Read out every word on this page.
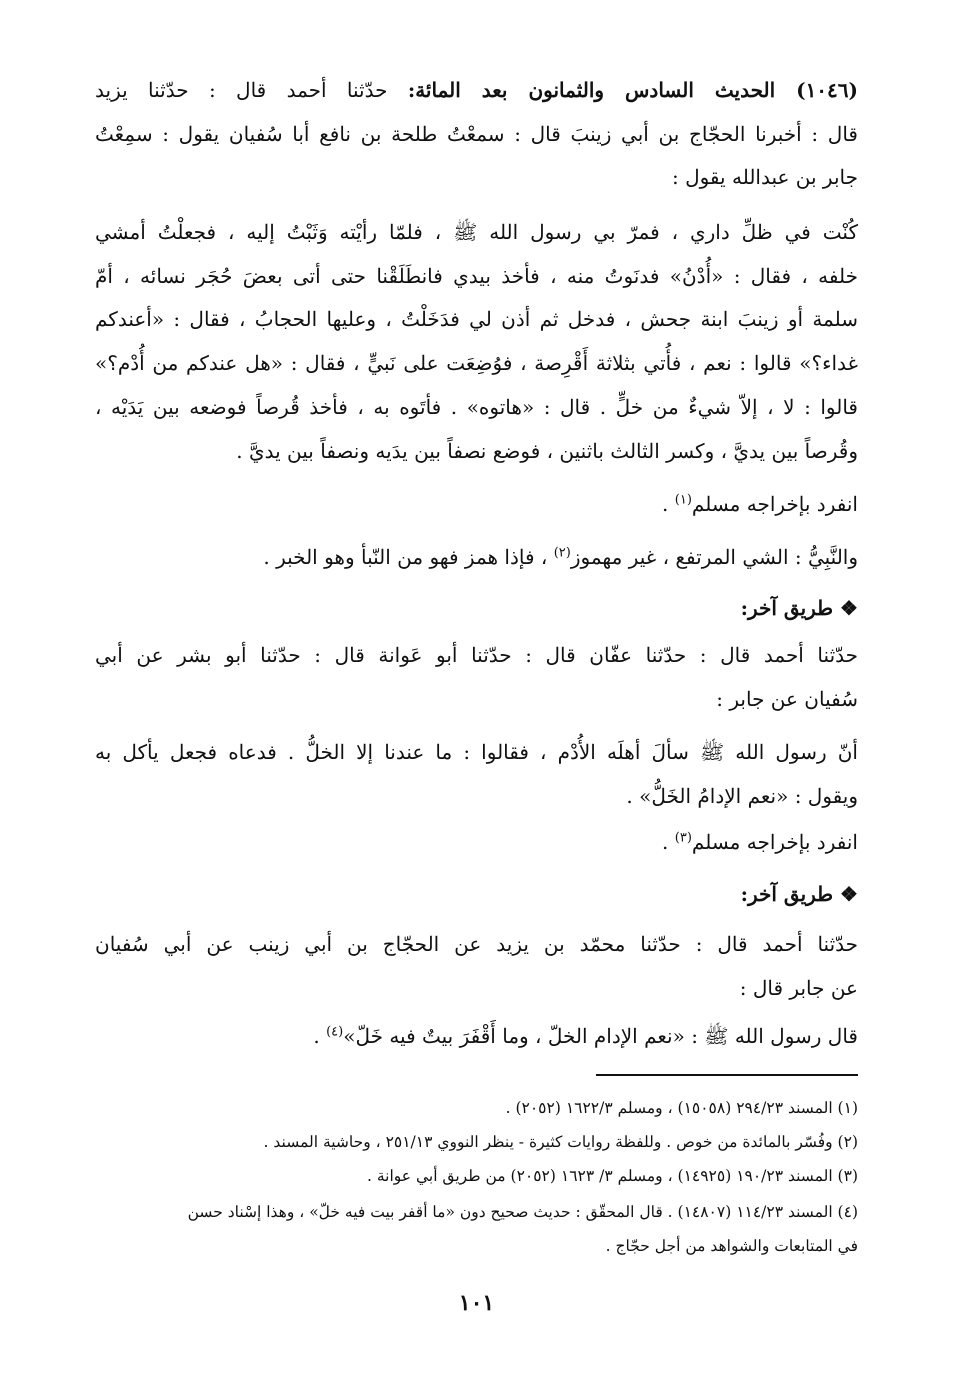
(١٠٤٦) الحديث السادس والثمانون بعد المائة: حدّثنا أحمد قال : حدّثنا يزيد
قال : أخبرنا الحجّاج بن أبي زينبَ قال : سمعْتُ طلحة بن نافع أبا سُفيان يقول : سمِعْتُ
جابر بن عبدالله يقول :
كُنْت في ظلِّ داري ، فمرّ بي رسول الله ﷺ ، فلمّا رأيْته وَثَبْتُ إليه ، فجعلْتُ أمشي
خلفه ، فقال : «أُدْنُ» فدنَوتُ منه ، فأخذ بيدي فانطَلَقْنا حتى أتى بعضَ حُجَر نسائه ، أمّ
سلمة أو زينبَ ابنة جحش ، فدخل ثم أذن لي فدَخَلْتُ ، وعليها الحجابُ ، فقال : «أعندكم
غداء؟» قالوا : نعم ، فأُتي بثلاثة أَقْرِصة ، فوُضِعَت على نَبيٍّ ، فقال : «هل عندكم من أُدْم؟»
قالوا : لا ، إلاّ شيءٌ من خلٍّ . قال : «هاتوه» . فأتَوه به ، فأخذ قُرصاً فوضعه بين يَدَيْه ،
وقُرصاً بين يديَّ ، وكسر الثالث باثنين ، فوضع نصفاً بين يدَيه ونصفاً بين يديَّ .
انفرد بإخراجه مسلم$^{(١)}$ .
والنَّبِيُّ : الشي المرتفع ، غير مهموز$^{(٢)}$ ، فإذا همز فهو من النّبأ وهو الخبر .
❖ طريق آخر:
حدّثنا أحمد قال : حدّثنا عفّان قال : حدّثنا أبو عَوانة قال : حدّثنا أبو بشر عن أبي
سُفيان عن جابر :
أنّ رسول الله ﷺ سألَ أهلَه الأُدْم ، فقالوا : ما عندنا إلا الخلُّ . فدعاه فجعل يأكل به
ويقول : «نعم الإدامُ الخَلُّ» .
انفرد بإخراجه مسلم$^{(٣)}$ .
❖ طريق آخر:
حدّثنا أحمد قال : حدّثنا محمّد بن يزيد عن الحجّاج بن أبي زينب عن أبي سُفيان
عن جابر قال :
قال رسول الله ﷺ : «نعم الإدام الخلّ ، وما أَقْفَرَ بيتٌ فيه خَلّ»$^{(٤)}$ .
(١) المسند ٢٩٤/٢٣ (١٥٠٥٨) ، ومسلم ١٦٢٢/٣ (٢٠٥٢) .
(٢) وفُسّر بالمائدة من خوص . وللفظة روايات كثيرة - ينظر النووي ٢٥١/١٣ ، وحاشية المسند .
(٣) المسند ١٩٠/٢٣ (١٤٩٢٥) ، ومسلم ٣/ ١٦٢٣ (٢٠٥٢) من طريق أبي عوانة .
(٤) المسند ١١٤/٢٣ (١٤٨٠٧) . قال المحقّق : حديث صحيح دون «ما أقفر بيت فيه خلّ» ، وهذا إسْناد حسن
في المتابعات والشواهد من أجل حجّاج .
١٠١
